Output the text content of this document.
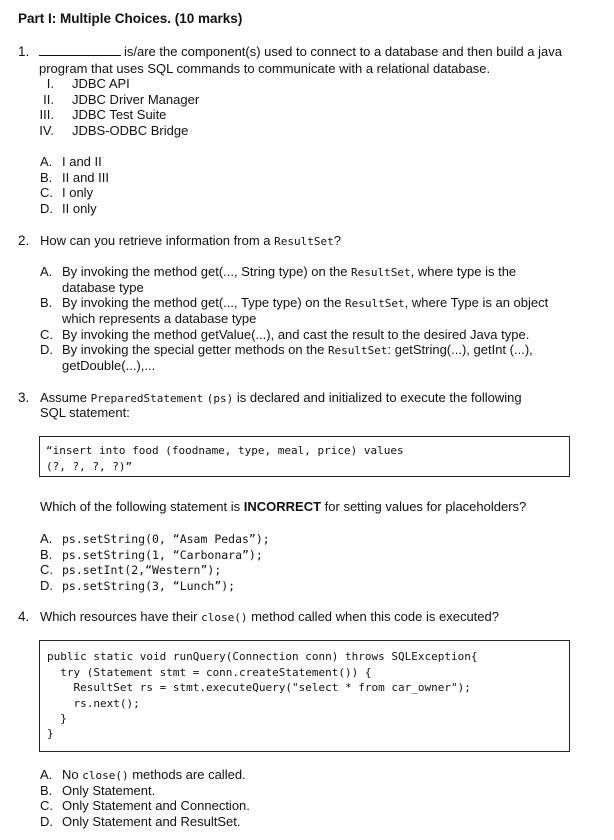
Part I: Multiple Choices. (10 marks)
1.	is/are the component(s) used to connect to a database and then build a java
program that uses SQL commands to communicate with a relational database.
I. JDBC API
II. JDBC Driver Manager
III. JDBC Test Suite
IV. JDBS-ODBC Bridge
A. I and II
B. II and III
C. I only
D. II only
2. How can you retrieve information from a ResultSet?
A. By invoking the method get(..., String type) on the ResultSet, where type is the
database type
B. By invoking the method get(..., Type type) on the ResultSet, where Type is an object
which represents a database type
C. By invoking the method getValue(...), and cast the result to the desired Java type.
D. By invoking the special getter methods on the ResultSet: getString(...), getInt (...),
getDouble(...),...
3. Assume PreparedStatement (ps) is declared and initialized to execute the following
SQL statement:
“insert into food (foodname, type, meal, price) values
(?, ?, ?, ?)”
Which of the following statement is INCORRECT for setting values for placeholders?
A. ps.setString(0, “Asam Pedas”);
B. ps.setString(1, “Carbonara”);
C. ps.setInt(2,“Western”);
D. ps.setString(3, “Lunch”);
4. Which resources have their close() method called when this code is executed?
public static void runQuery(Connection conn) throws SQLException{
try (Statement stmt = conn.createStatement()) {
ResultSet rs = stmt.executeQuery("select * from car_owner");
rs.next();
}
}
A. No close() methods are called.
B. Only Statement.
C. Only Statement and Connection.
D. Only Statement and ResultSet.
